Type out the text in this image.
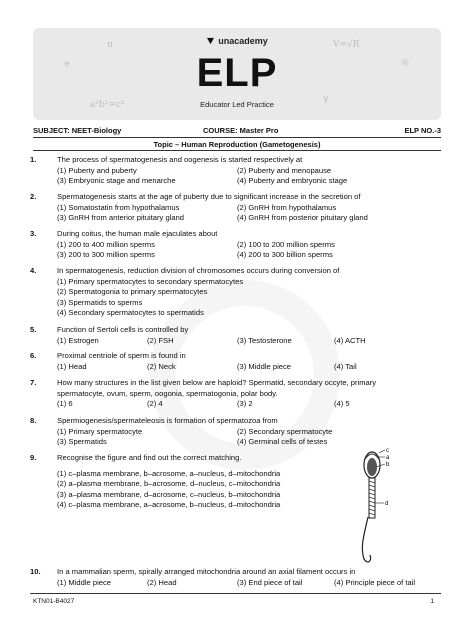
π
a²b²=c²
V=√R
γ
✳	◎
unacademy
ELP
Educator Led Practice
SUBJECT: NEET-Biology	COURSE: Master Pro	ELP NO.-3
Topic – Human Reproduction (Gametogenesis)
1.	The process of spermatogenesis and oogenesis is started respectively at
(1) Puberty and puberty	(2) Puberty and menopause
(3) Embryonic stage and menarche	(4) Puberty and embryonic stage
2.	Spermatogenesis starts at the age of puberty due to significant increase in the secretion of
(1) Somatostatin from hypothalamus	(2) GnRH from hypothalamus
(3) GnRH from anterior pituitary gland	(4) GnRH from posterior pituitary gland
3.	During coitus, the human male ejaculates about
(1) 200 to 400 million sperms	(2) 100 to 200 million sperms
(3) 200 to 300 million sperms	(4) 200 to 300 billion sperms
4.	In spermatogenesis, reduction division of chromosomes occurs during conversion of
(1) Primary spermatocytes to secondary spermatocytes
(2) Spermatogonia to primary spermatocytes
(3) Spermatids to sperms
(4) Secondary spermatocytes to spermatids
5.	Function of Sertoli cells is controlled by
(1) Estrogen	(2) FSH	(3) Testosterone	(4) ACTH
6.	Proximal centriole of sperm is found in
(1) Head	(2) Neck	(3) Middle piece	(4) Tail
7.	How many structures in the list given below are haploid? Spermatid, secondary occyte, primary
spermatocyte, ovum, sperm, oogonia, spermatogonia, polar body.
(1) 6	(2) 4	(3) 2	(4) 5
8.	Spermiogenesis/spermateleosis is formation of spermatozoa from
(1) Primary spermatocyte	(2) Secondary spermatocyte
(3) Spermatids	(4) Germinal cells of testes
9.	Recognise the figure and find out the correct matching.
(1) c–plasma membrane, b–acrosome, a–nucleus, d–mitochondria
(2) a–plasma membrane, b–acrosome, d–nucleus, c–mitochondria
(3) a–plasma membrane, d–acrosome, c–nucleus, b–mitochondria
(4) c–plasma membrane, a–acrosome, b–nucleus, d–mitochondria
c
a
b
d
10. In a mammalian sperm, spirally arranged mitochondria around an axial filament occurs in
(1) Middle piece	(2) Head	(3) End piece of tail	(4) Principle piece of tail
KTN01-B4027	1
